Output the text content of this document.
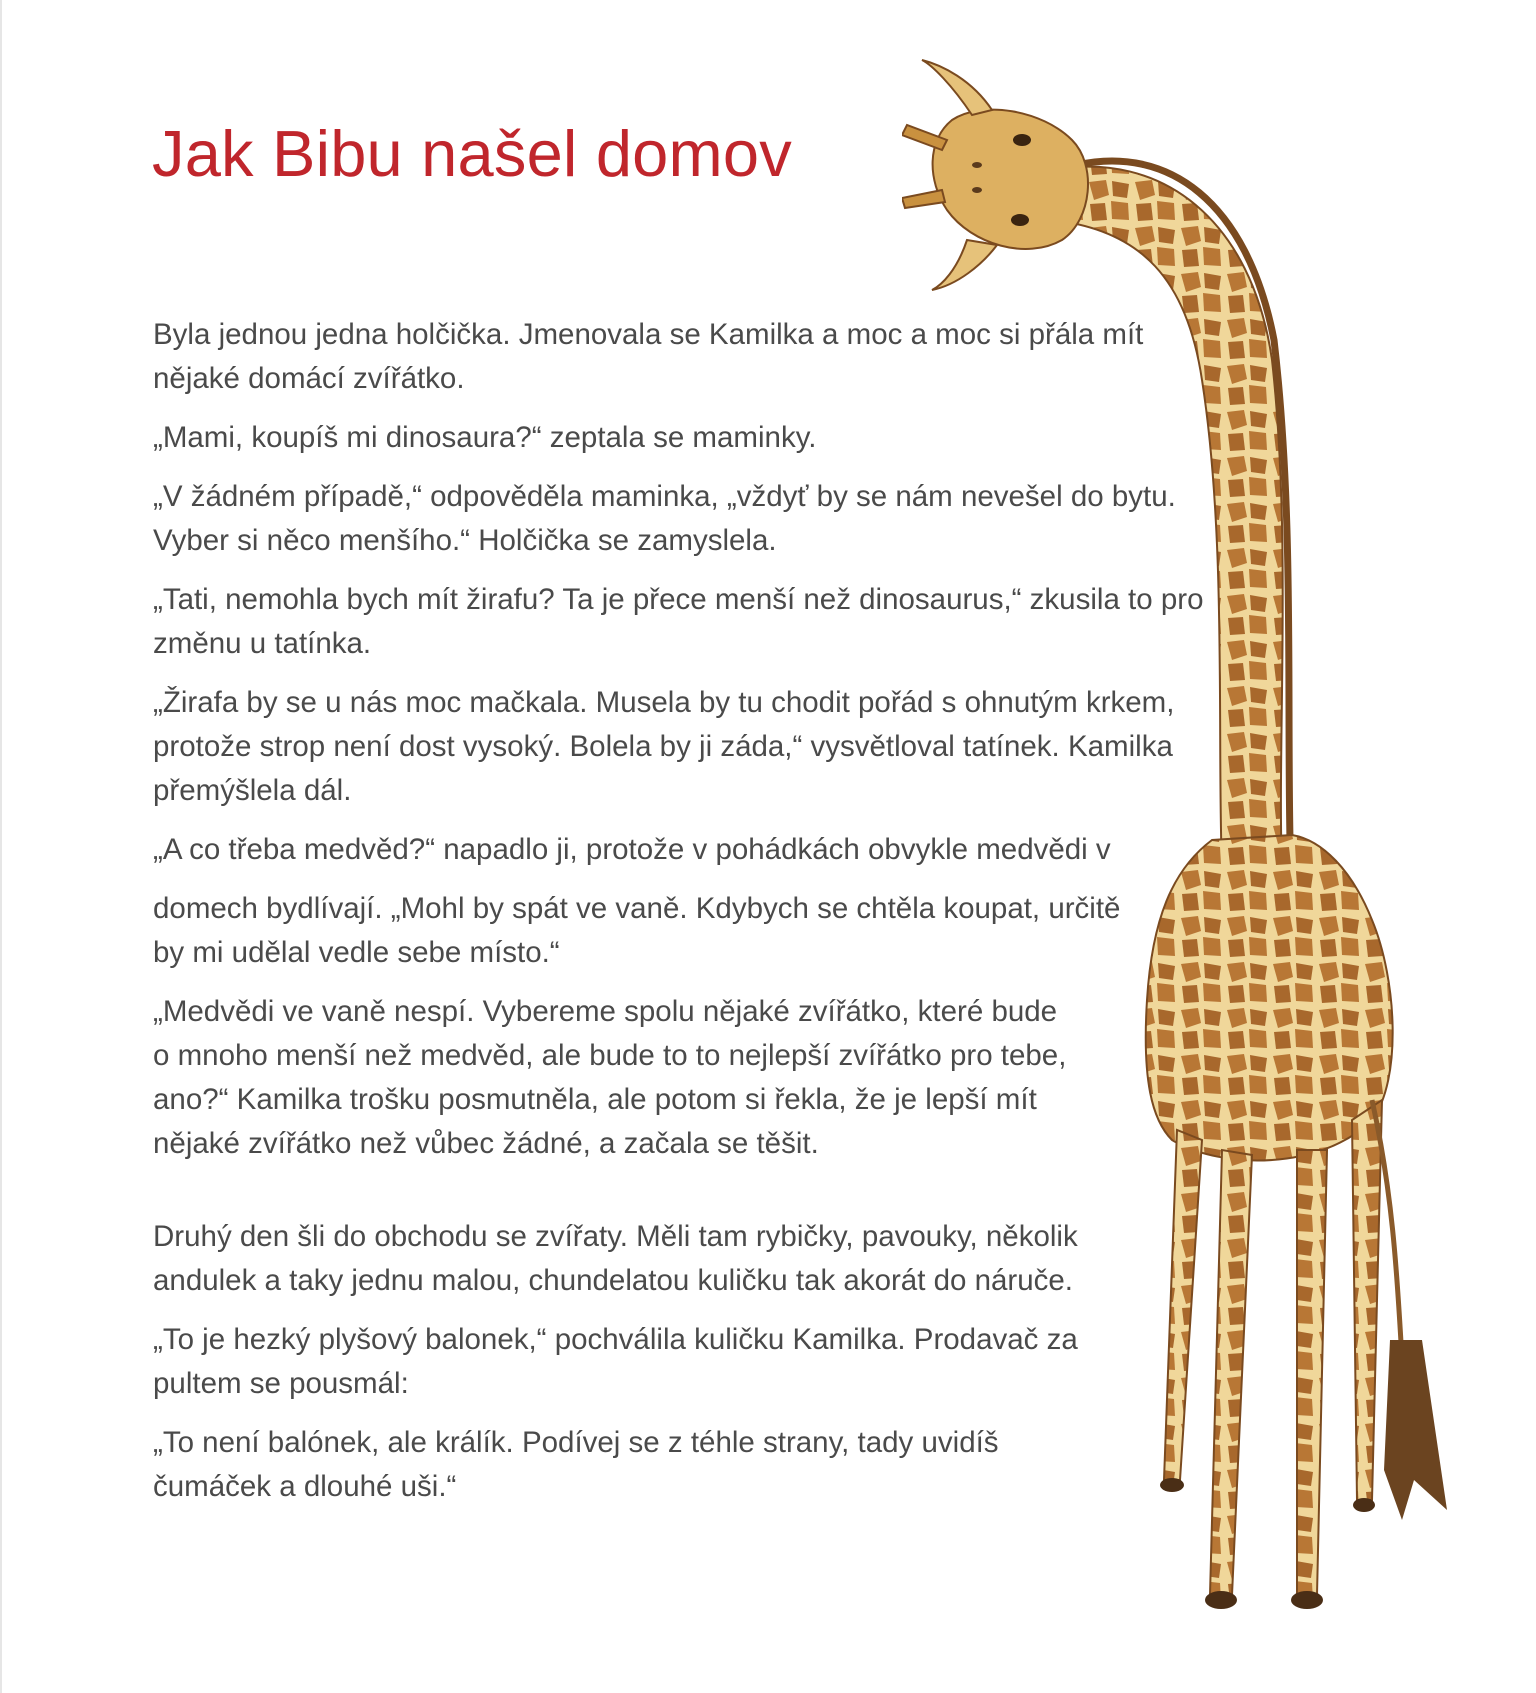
Jak Bibu našel domov

Byla jednou jedna holčička. Jmenovala se Kamilka a moc a moc si přála mít
nějaké domácí zvířátko.

„Mami, koupíš mi dinosaura?“ zeptala se maminky.

„V žádném případě,“ odpověděla maminka, „vždyť by se nám nevešel do bytu.
Vyber si něco menšího.“ Holčička se zamyslela.

„Tati, nemohla bych mít žirafu? Ta je přece menší než dinosaurus,“ zkusila to pro
změnu u tatínka.

„Žirafa by se u nás moc mačkala. Musela by tu chodit pořád s ohnutým krkem,
protože strop není dost vysoký. Bolela by ji záda,“ vysvětloval tatínek. Kamilka
přemýšlela dál.

„A co třeba medvěd?“ napadlo ji, protože v pohádkách obvykle medvědi v

domech bydlívají. „Mohl by spát ve vaně. Kdybych se chtěla koupat, určitě
by mi udělal vedle sebe místo.“

„Medvědi ve vaně nespí. Vybereme spolu nějaké zvířátko, které bude
o mnoho menší než medvěd, ale bude to to nejlepší zvířátko pro tebe,
ano?“ Kamilka trošku posmutněla, ale potom si řekla, že je lepší mít
nějaké zvířátko než vůbec žádné, a začala se těšit.

Druhý den šli do obchodu se zvířaty. Měli tam rybičky, pavouky, několik
andulek a taky jednu malou, chundelatou kuličku tak akorát do náruče.

„To je hezký plyšový balonek,“ pochválila kuličku Kamilka. Prodavač za
pultem se pousmál:

„To není balónek, ale králík. Podívej se z téhle strany, tady uvidíš
čumáček a dlouhé uši.“
